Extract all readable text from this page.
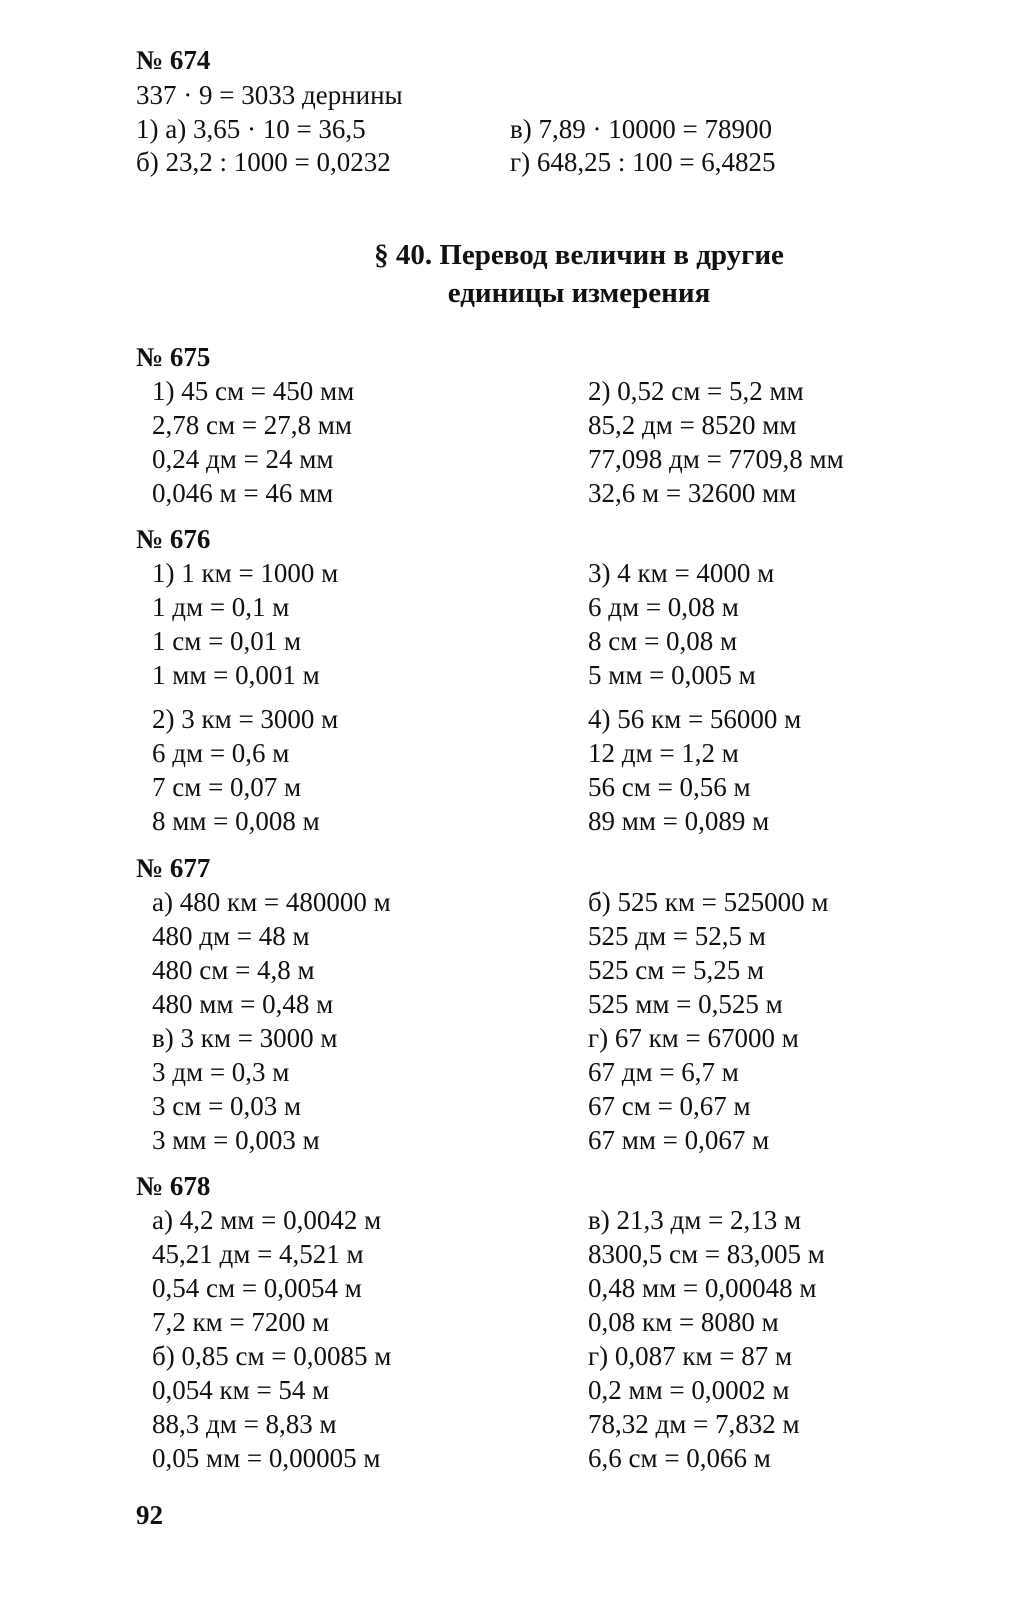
№ 674
337 · 9 = 3033 дернины
1) а) 3,65 · 10 = 36,5
б) 23,2 : 1000 = 0,0232
в) 7,89 · 10000 = 78900
г) 648,25 : 100 = 6,4825
§ 40. Перевод величин в другие
единицы измерения
№ 675
1) 45 см = 450 мм
2,78 см = 27,8 мм
0,24 дм = 24 мм
0,046 м = 46 мм
2) 0,52 см = 5,2 мм
85,2 дм = 8520 мм
77,098 дм = 7709,8 мм
32,6 м = 32600 мм
№ 676
1) 1 км = 1000 м
1 дм = 0,1 м
1 см = 0,01 м
1 мм = 0,001 м
2) 3 км = 3000 м
6 дм = 0,6 м
7 см = 0,07 м
8 мм = 0,008 м
3) 4 км = 4000 м
6 дм = 0,08 м
8 см = 0,08 м
5 мм = 0,005 м
4) 56 км = 56000 м
12 дм = 1,2 м
56 см = 0,56 м
89 мм = 0,089 м
№ 677
а) 480 км = 480000 м
480 дм = 48 м
480 см = 4,8 м
480 мм = 0,48 м
в) 3 км = 3000 м
3 дм = 0,3 м
3 см = 0,03 м
3 мм = 0,003 м
б) 525 км = 525000 м
525 дм = 52,5 м
525 см = 5,25 м
525 мм = 0,525 м
г) 67 км = 67000 м
67 дм = 6,7 м
67 см = 0,67 м
67 мм = 0,067 м
№ 678
а) 4,2 мм = 0,0042 м
45,21 дм = 4,521 м
0,54 см = 0,0054 м
7,2 км = 7200 м
б) 0,85 см = 0,0085 м
0,054 км = 54 м
88,3 дм = 8,83 м
0,05 мм = 0,00005 м
в) 21,3 дм = 2,13 м
8300,5 см = 83,005 м
0,48 мм = 0,00048 м
0,08 км = 8080 м
г) 0,087 км = 87 м
0,2 мм = 0,0002 м
78,32 дм = 7,832 м
6,6 см = 0,066 м
92
